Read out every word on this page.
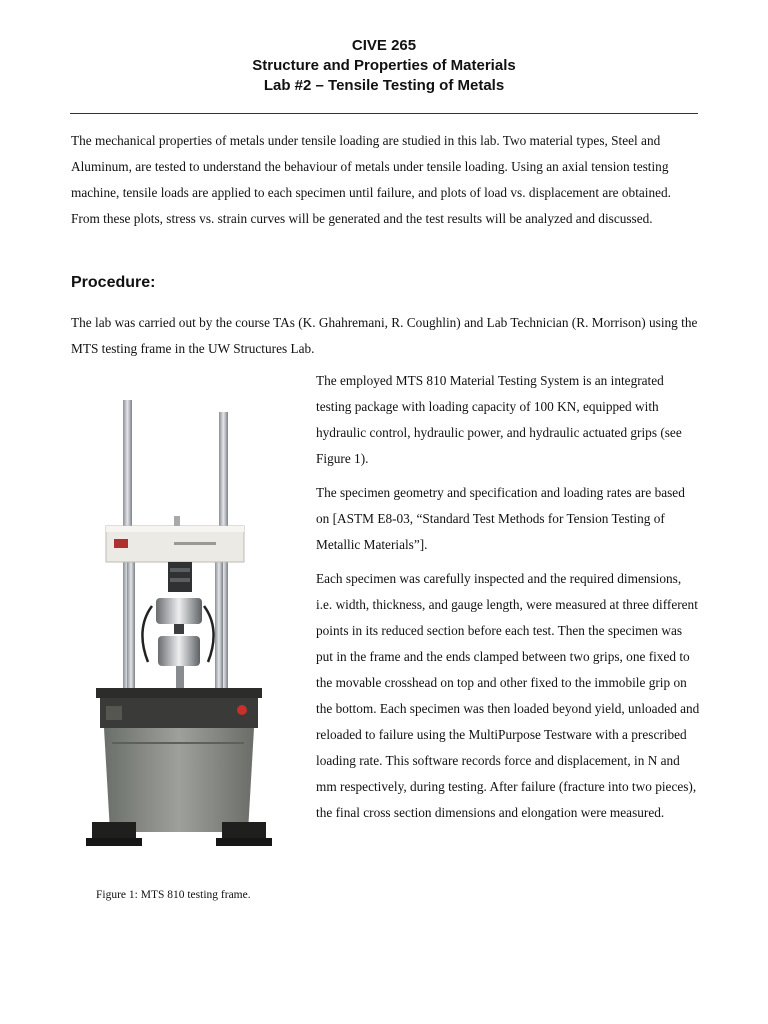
CIVE 265
Structure and Properties of Materials
Lab #2 – Tensile Testing of Metals
The mechanical properties of metals under tensile loading are studied in this lab. Two material types, Steel and Aluminum, are tested to understand the behaviour of metals under tensile loading. Using an axial tension testing machine, tensile loads are applied to each specimen until failure, and plots of load vs. displacement are obtained. From these plots, stress vs. strain curves will be generated and the test results will be analyzed and discussed.
Procedure:
The lab was carried out by the course TAs (K. Ghahremani, R. Coughlin) and Lab Technician (R. Morrison) using the MTS testing frame in the UW Structures Lab.

The employed MTS 810 Material Testing System is an integrated testing package with loading capacity of 100 KN, equipped with hydraulic control, hydraulic power, and hydraulic actuated grips (see Figure 1).

The specimen geometry and specification and loading rates are based on [ASTM E8-03, “Standard Test Methods for Tension Testing of Metallic Materials”].

Each specimen was carefully inspected and the required dimensions, i.e. width, thickness, and gauge length, were measured at three different points in its reduced section before each test. Then the specimen was put in the frame and the ends clamped between two grips, one fixed to the movable crosshead on top and other fixed to the immobile grip on the bottom. Each specimen was then loaded beyond yield, unloaded and reloaded to failure using the MultiPurpose Testware with a prescribed loading rate. This software records force and displacement, in N and mm respectively, during testing. After failure (fracture into two pieces), the final cross section dimensions and elongation were measured.

Figure 1: MTS 810 testing frame.
